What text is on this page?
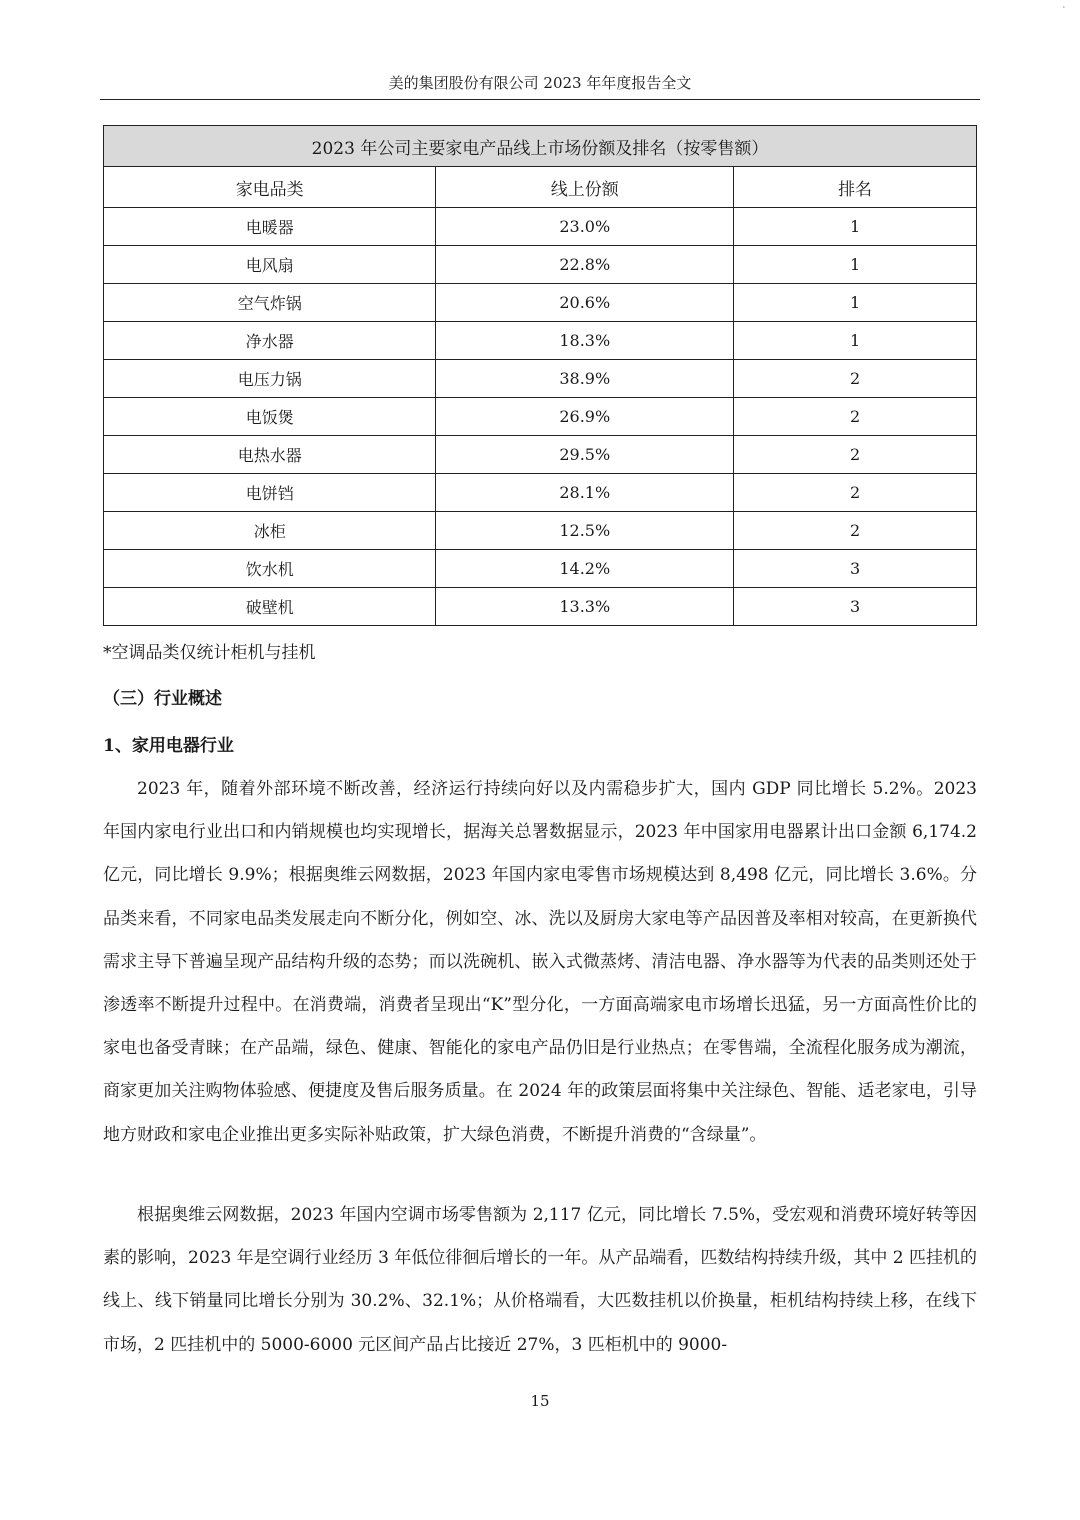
·
美的集团股份有限公司 2023 年年度报告全文
2023 年公司主要家电产品线上市场份额及排名（按零售额）		
家电品类	线上份额	排名
电暖器	23.0%	1
电风扇	22.8%	1
空气炸锅	20.6%	1
净水器	18.3%	1
电压力锅	38.9%	2
电饭煲	26.9%	2
电热水器	29.5%	2
电饼铛	28.1%	2
冰柜	12.5%	2
饮水机	14.2%	3
破壁机	13.3%	3
*空调品类仅统计柜机与挂机
（三）行业概述
1、家用电器行业

2023 年，随着外部环境不断改善，经济运行持续向好以及内需稳步扩大，国内 GDP 同比增长 5.2%。2023 年国内家电行业出口和内销规模也均实现增长，据海关总署数据显示，2023 年中国家用电器累计出口金额 6,174.2 亿元，同比增长 9.9%；根据奥维云网数据，2023 年国内家电零售市场规模达到 8,498 亿元，同比增长 3.6%。分品类来看，不同家电品类发展走向不断分化，例如空、冰、洗以及厨房大家电等产品因普及率相对较高，在更新换代需求主导下普遍呈现产品结构升级的态势；而以洗碗机、嵌入式微蒸烤、清洁电器、净水器等为代表的品类则还处于渗透率不断提升过程中。在消费端，消费者呈现出“K”型分化，一方面高端家电市场增长迅猛，另一方面高性价比的家电也备受青睐；在产品端，绿色、健康、智能化的家电产品仍旧是行业热点；在零售端，全流程化服务成为潮流，商家更加关注购物体验感、便捷度及售后服务质量。在 2024 年的政策层面将集中关注绿色、智能、适老家电，引导地方财政和家电企业推出更多实际补贴政策，扩大绿色消费，不断提升消费的“含绿量”。

根据奥维云网数据，2023 年国内空调市场零售额为 2,117 亿元，同比增长 7.5%，受宏观和消费环境好转等因素的影响，2023 年是空调行业经历 3 年低位徘徊后增长的一年。从产品端看，匹数结构持续升级，其中 2 匹挂机的线上、线下销量同比增长分别为 30.2%、32.1%；从价格端看，大匹数挂机以价换量，柜机结构持续上移，在线下市场，2 匹挂机中的 5000-6000 元区间产品占比接近 27%，3 匹柜机中的 9000-

15
